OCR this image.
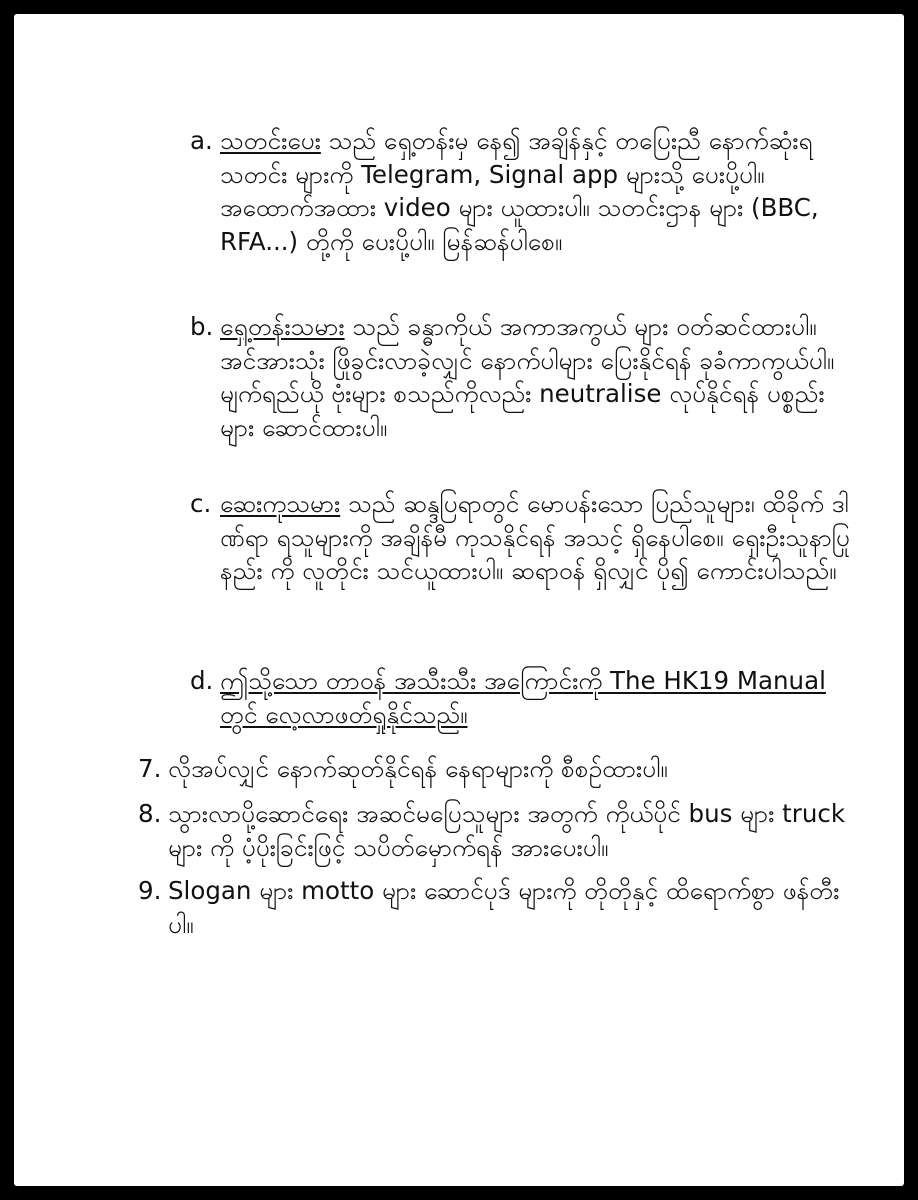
a. သတင်းပေး သည် ရှေ့တန်းမှ နေ၍ အချိန်နှင့် တပြေးညီ နောက်ဆုံးရ သတင်း များကို Telegram, Signal app များသို့ ပေးပို့ပါ။ အထောက်အထား video များ ယူထားပါ။ သတင်းဌာန များ (BBC, RFA...) တို့ကို ပေးပို့ပါ။ မြန်ဆန်ပါစေ။
b. ရှေ့တန်းသမား သည် ခန္ဓာကိုယ် အကာအကွယ် များ ဝတ်ဆင်ထားပါ။ အင်အားသုံး ဖြိုခွင်းလာခဲ့လျှင် နောက်ပါများ ပြေးနိုင်ရန် ခုခံကာကွယ်ပါ။ မျက်ရည်ယို ဗုံးများ စသည်ကိုလည်း neutralise လုပ်နိုင်ရန် ပစ္စည်း များ ဆောင်ထားပါ။
c. ဆေးကုသမား သည် ဆန္ဒပြရာတွင် မောပန်းသော ပြည်သူများ၊ ထိခိုက် ဒါဏ်ရာ ရသူများကို အချိန်မီ ကုသနိုင်ရန် အသင့် ရှိနေပါစေ။ ရှေးဦးသူနာပြုနည်း ကို လူတိုင်း သင်ယူထားပါ။ ဆရာဝန် ရှိလျှင် ပို၍ ကောင်းပါသည်။
d. ဤသို့သော တာဝန် အသီးသီး အကြောင်းကို The HK19 Manual တွင် လေ့လာဖတ်ရှုနိုင်သည်။
7. လိုအပ်လျှင် နောက်ဆုတ်နိုင်ရန် နေရာများကို စီစဉ်ထားပါ။
8. သွားလာပို့ဆောင်ရေး အဆင်မပြေသူများ အတွက် ကိုယ်ပိုင် bus များ truck များ ကို ပံ့ပိုးခြင်းဖြင့် သပိတ်မှောက်ရန် အားပေးပါ။
9. Slogan များ motto များ ဆောင်ပုဒ် များကို တိုတိုနှင့် ထိရောက်စွာ ဖန်တီးပါ။
